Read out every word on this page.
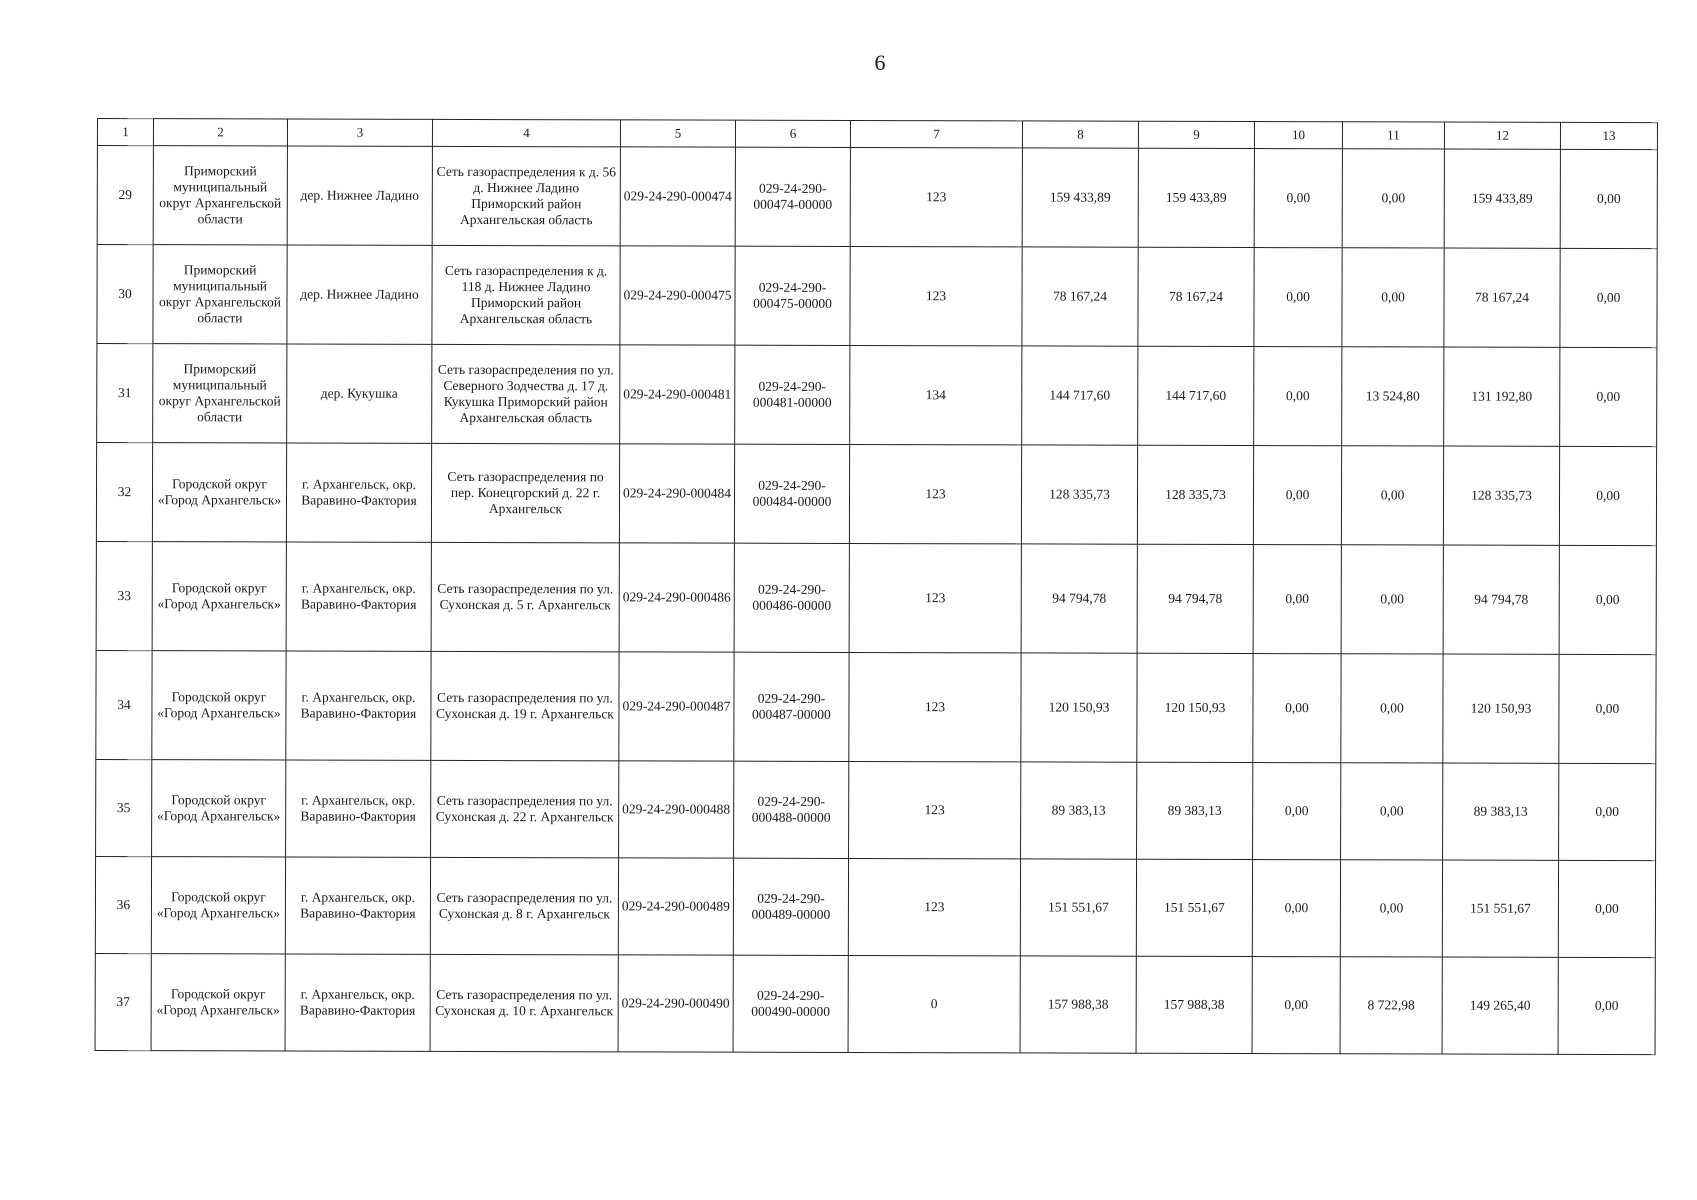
6
1	2	3	4	5	6	7	8	9	10	11	12	13
29	Приморский муниципальный округ Архангельской области	дер. Нижнее Ладино	Сеть газораспределения к д. 56 д. Нижнее Ладино Приморский район Архангельская область	029-24-290-000474	029-24-290-000474-00000	123	159 433,89	159 433,89	0,00	0,00	159 433,89	0,00
30	Приморский муниципальный округ Архангельской области	дер. Нижнее Ладино	Сеть газораспределения к д. 118 д. Нижнее Ладино Приморский район Архангельская область	029-24-290-000475	029-24-290-000475-00000	123	78 167,24	78 167,24	0,00	0,00	78 167,24	0,00
31	Приморский муниципальный округ Архангельской области	дер. Кукушка	Сеть газораспределения по ул. Северного Зодчества д. 17 д. Кукушка Приморский район Архангельская область	029-24-290-000481	029-24-290-000481-00000	134	144 717,60	144 717,60	0,00	13 524,80	131 192,80	0,00
32	Городской округ «Город Архангельск»	г. Архангельск, окр. Варавино-Фактория	Сеть газораспределения по пер. Конецгорский д. 22 г. Архангельск	029-24-290-000484	029-24-290-000484-00000	123	128 335,73	128 335,73	0,00	0,00	128 335,73	0,00
33	Городской округ «Город Архангельск»	г. Архангельск, окр. Варавино-Фактория	Сеть газораспределения по ул. Сухонская д. 5 г. Архангельск	029-24-290-000486	029-24-290-000486-00000	123	94 794,78	94 794,78	0,00	0,00	94 794,78	0,00
34	Городской округ «Город Архангельск»	г. Архангельск, окр. Варавино-Фактория	Сеть газораспределения по ул. Сухонская д. 19 г. Архангельск	029-24-290-000487	029-24-290-000487-00000	123	120 150,93	120 150,93	0,00	0,00	120 150,93	0,00
35	Городской округ «Город Архангельск»	г. Архангельск, окр. Варавино-Фактория	Сеть газораспределения по ул. Сухонская д. 22 г. Архангельск	029-24-290-000488	029-24-290-000488-00000	123	89 383,13	89 383,13	0,00	0,00	89 383,13	0,00
36	Городской округ «Город Архангельск»	г. Архангельск, окр. Варавино-Фактория	Сеть газораспределения по ул. Сухонская д. 8 г. Архангельск	029-24-290-000489	029-24-290-000489-00000	123	151 551,67	151 551,67	0,00	0,00	151 551,67	0,00
37	Городской округ «Город Архангельск»	г. Архангельск, окр. Варавино-Фактория	Сеть газораспределения по ул. Сухонская д. 10 г. Архангельск	029-24-290-000490	029-24-290-000490-00000	0	157 988,38	157 988,38	0,00	8 722,98	149 265,40	0,00
